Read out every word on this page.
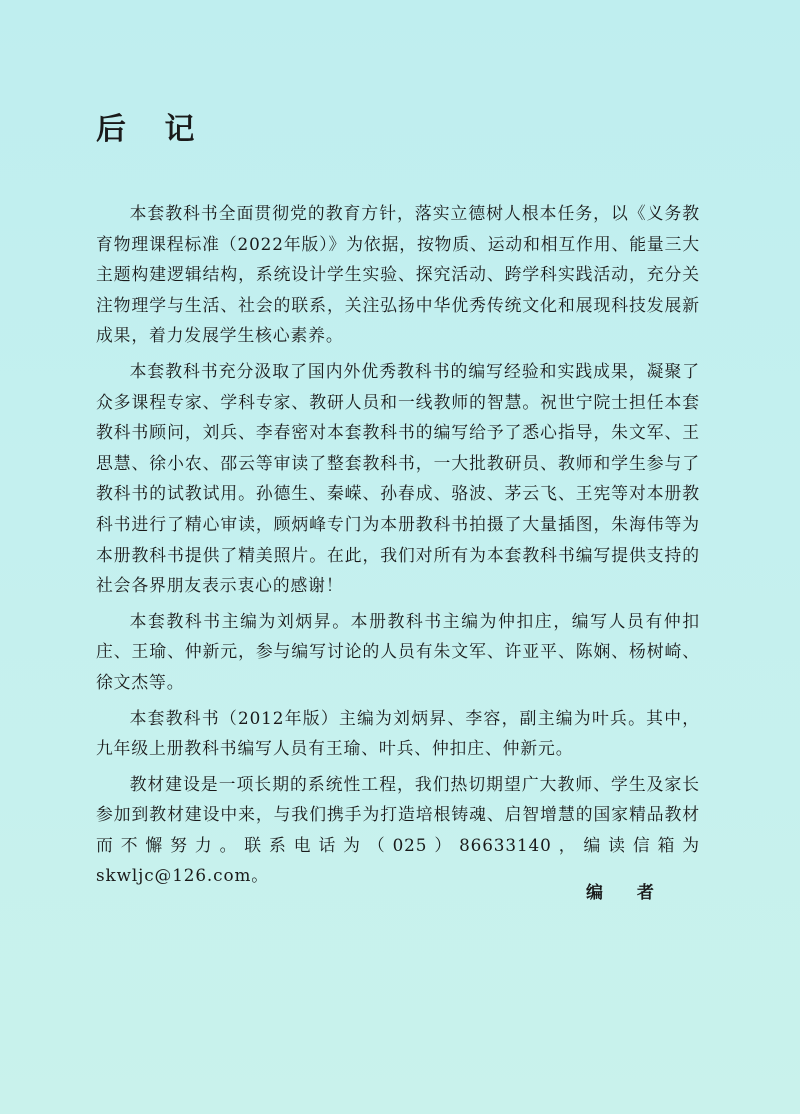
后 记

本套教科书全面贯彻党的教育方针，落实立德树人根本任务，以《义务教育物理课程标准（2022年版）》为依据，按物质、运动和相互作用、能量三大主题构建逻辑结构，系统设计学生实验、探究活动、跨学科实践活动，充分关注物理学与生活、社会的联系，关注弘扬中华优秀传统文化和展现科技发展新成果，着力发展学生核心素养。

本套教科书充分汲取了国内外优秀教科书的编写经验和实践成果，凝聚了众多课程专家、学科专家、教研人员和一线教师的智慧。祝世宁院士担任本套教科书顾问，刘兵、李春密对本套教科书的编写给予了悉心指导，朱文军、王思慧、徐小农、邵云等审读了整套教科书，一大批教研员、教师和学生参与了教科书的试教试用。孙德生、秦嵘、孙春成、骆波、茅云飞、王宪等对本册教科书进行了精心审读，顾炳峰专门为本册教科书拍摄了大量插图，朱海伟等为本册教科书提供了精美照片。在此，我们对所有为本套教科书编写提供支持的社会各界朋友表示衷心的感谢！

本套教科书主编为刘炳昇。本册教科书主编为仲扣庄，编写人员有仲扣庄、王瑜、仲新元，参与编写讨论的人员有朱文军、许亚平、陈娴、杨树崎、徐文杰等。

本套教科书（2012年版）主编为刘炳昇、李容，副主编为叶兵。其中，九年级上册教科书编写人员有王瑜、叶兵、仲扣庄、仲新元。

教材建设是一项长期的系统性工程，我们热切期望广大教师、学生及家长参加到教材建设中来，与我们携手为打造培根铸魂、启智增慧的国家精品教材而不懈努力。联系电话为（025）86633140，编读信箱为 skwljc@126.com。

编 者
